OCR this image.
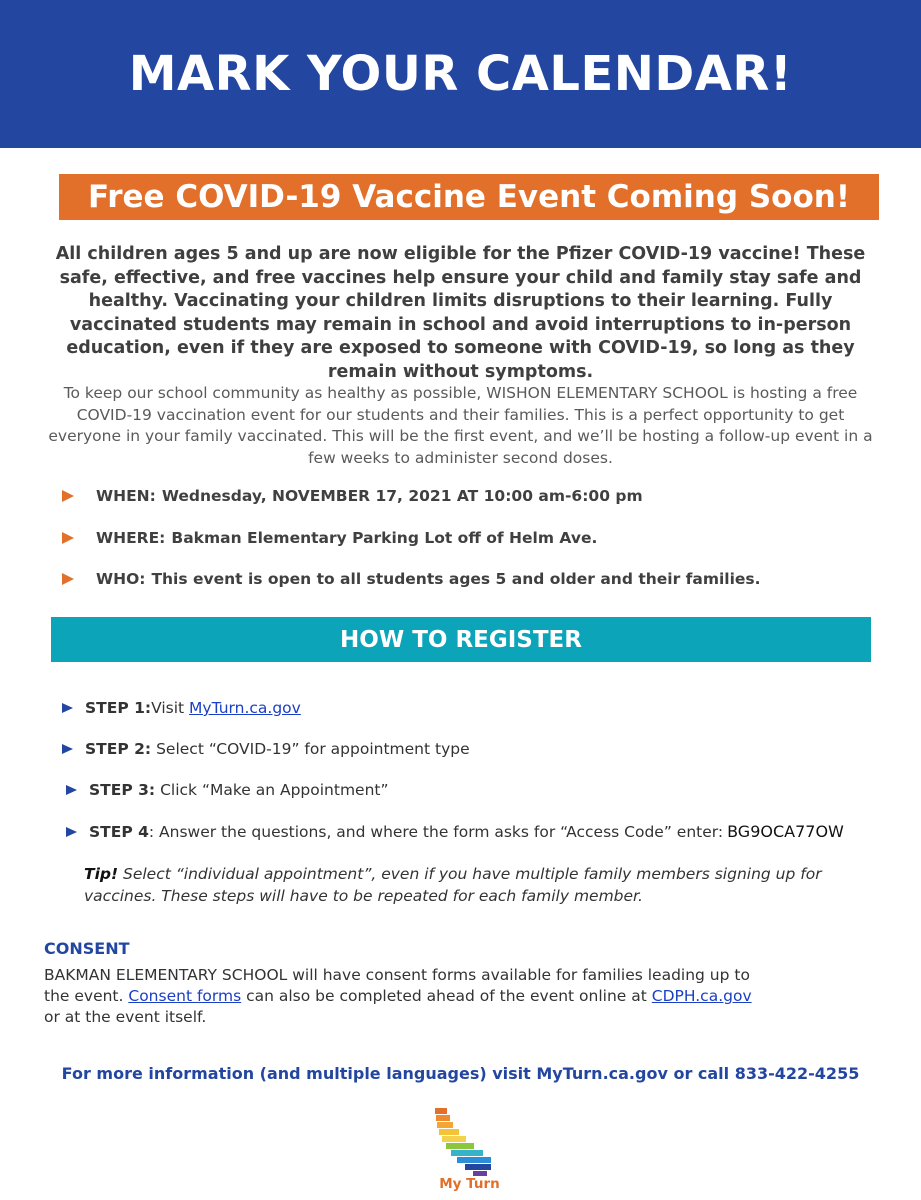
MARK YOUR CALENDAR!
Free COVID-19 Vaccine Event Coming Soon!

All children ages 5 and up are now eligible for the Pfizer COVID-19 vaccine! These safe, effective, and free vaccines help ensure your child and family stay safe and healthy. Vaccinating your children limits disruptions to their learning. Fully vaccinated students may remain in school and avoid interruptions to in-person education, even if they are exposed to someone with COVID-19, so long as they remain without symptoms.

To keep our school community as healthy as possible, WISHON ELEMENTARY SCHOOL is hosting a free COVID-19 vaccination event for our students and their families. This is a perfect opportunity to get everyone in your family vaccinated. This will be the first event, and we’ll be hosting a follow-up event in a few weeks to administer second doses.

WHEN: Wednesday, NOVEMBER 17, 2021 AT 10:00 am-6:00 pm
WHERE: Bakman Elementary Parking Lot off of Helm Ave.
WHO: This event is open to all students ages 5 and older and their families.
HOW TO REGISTER
STEP 1: Visit MyTurn.ca.gov
STEP 2: Select “COVID-19” for appointment type
STEP 3: Click “Make an Appointment”
STEP 4 : Answer the questions, and where the form asks for “Access Code” enter: BG9OCA77OW

Tip! Select “individual appointment”, even if you have multiple family members signing up for vaccines. These steps will have to be repeated for each family member.

CONSENT

BAKMAN ELEMENTARY SCHOOL will have consent forms available for families leading up to
the event. Consent forms can also be completed ahead of the event online at CDPH.ca.gov
or at the event itself.

For more information (and multiple languages) visit MyTurn.ca.gov or call 833-422-4255

My Turn
